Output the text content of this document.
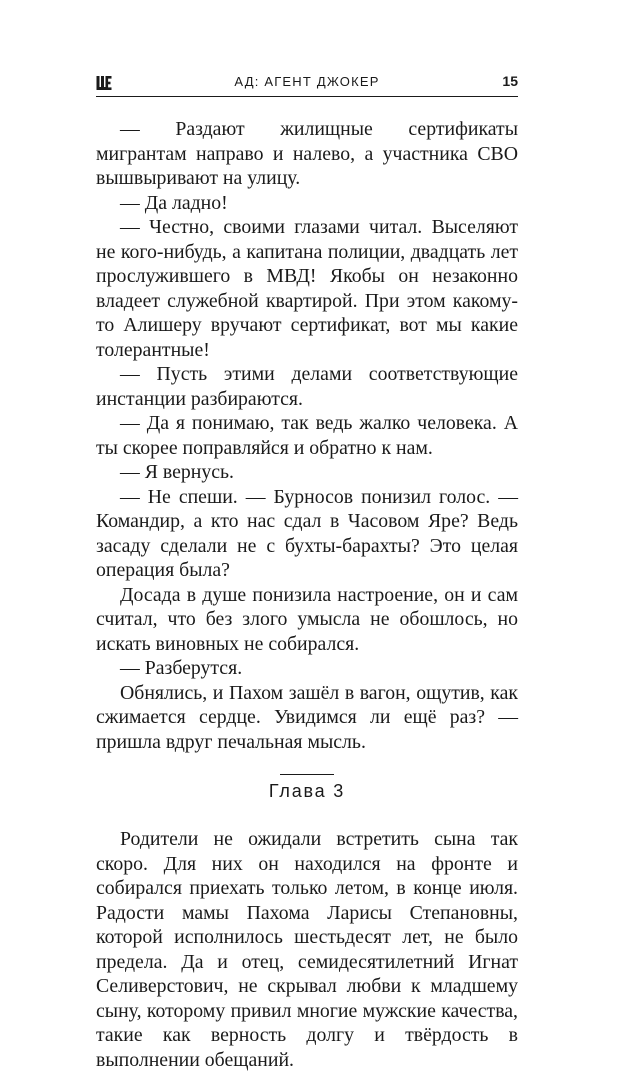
АД: АГЕНТ ДЖОКЕР	15

— Раздают жилищные сертификаты мигрантам направо и налево, а участника СВО вышвыривают на улицу.

— Да ладно!

— Честно, своими глазами читал. Выселяют не кого-нибудь, а капитана полиции, двадцать лет прослужившего в МВД! Якобы он незаконно владеет служебной квартирой. При этом какому-то Алишеру вручают сертификат, вот мы какие толерантные!

— Пусть этими делами соответствующие инстанции разбираются.

— Да я понимаю, так ведь жалко человека. А ты скорее поправляйся и обратно к нам.

— Я вернусь.

— Не спеши. — Бурносов понизил голос. — Командир, а кто нас сдал в Часовом Яре? Ведь засаду сделали не с бухты-барахты? Это целая операция была?

Досада в душе понизила настроение, он и сам считал, что без злого умысла не обошлось, но искать виновных не собирался.

— Разберутся.

Обнялись, и Пахом зашёл в вагон, ощутив, как сжимается сердце. Увидимся ли ещё раз? — пришла вдруг печальная мысль.

Глава 3

Родители не ожидали встретить сына так скоро. Для них он находился на фронте и собирался приехать только летом, в конце июля. Радости мамы Пахома Ларисы Степановны, которой исполнилось шестьдесят лет, не было предела. Да и отец, семидесятилетний Игнат Селиверстович, не скрывал любви к младшему сыну, которому привил многие мужские качества, такие как верность долгу и твёрдость в выполнении обещаний.
